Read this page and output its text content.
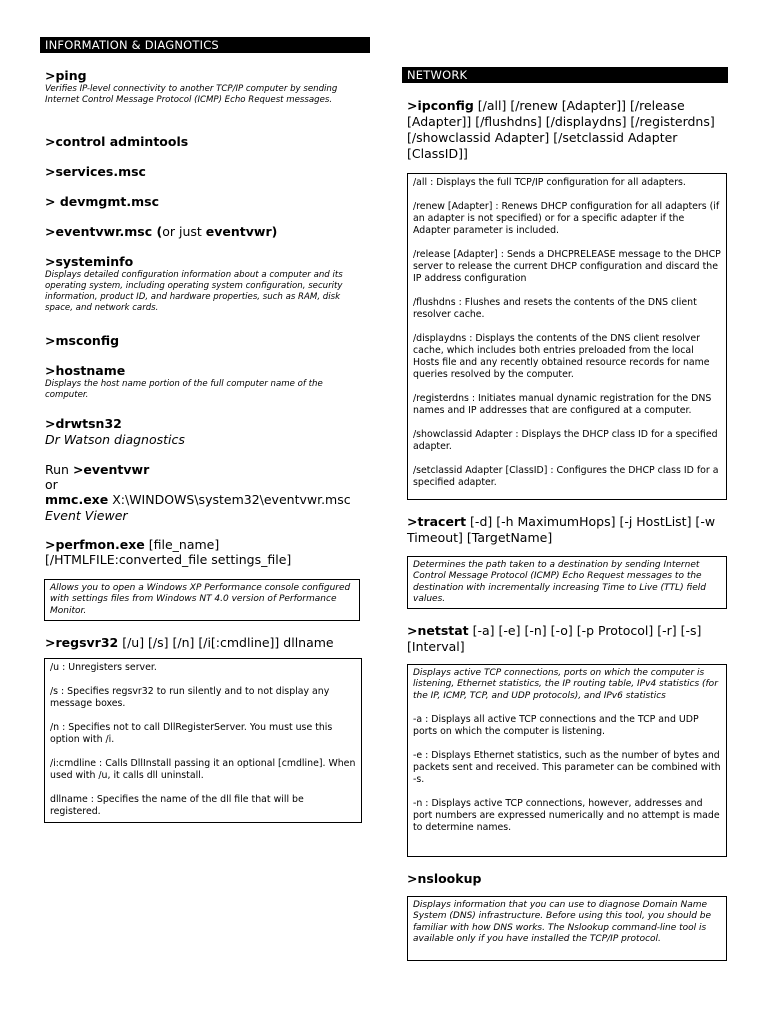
INFORMATION & DIAGNOTICS
>ping
Verifies IP-level connectivity to another TCP/IP computer by sending Internet Control Message Protocol (ICMP) Echo Request messages.
>control admintools
>services.msc
> devmgmt.msc
>eventvwr.msc (or just eventvwr)
>systeminfo
Displays detailed configuration information about a computer and its operating system, including operating system configuration, security information, product ID, and hardware properties, such as RAM, disk space, and network cards.
>msconfig
>hostname
Displays the host name portion of the full computer name of the computer.
>drwtsn32
Dr Watson diagnostics
Run >eventvwr
or
mmc.exe X:\WINDOWS\system32\eventvwr.msc
Event Viewer
>perfmon.exe [file_name]
[/HTMLFILE:converted_file settings_file]
Allows you to open a Windows XP Performance console configured with settings files from Windows NT 4.0 version of Performance Monitor.
>regsvr32 [/u] [/s] [/n] [/i[:cmdline]] dllname

/u : Unregisters server.

/s : Specifies regsvr32 to run silently and to not display any message boxes.

/n : Specifies not to call DllRegisterServer. You must use this option with /i.

/i:cmdline : Calls DllInstall passing it an optional [cmdline]. When used with /u, it calls dll uninstall.

dllname : Specifies the name of the dll file that will be registered.

NETWORK
>ipconfig [/all] [/renew [Adapter]] [/release [Adapter]] [/flushdns] [/displaydns] [/registerdns] [/showclassid Adapter] [/setclassid Adapter [ClassID]]

/all : Displays the full TCP/IP configuration for all adapters.

/renew [Adapter] : Renews DHCP configuration for all adapters (if an adapter is not specified) or for a specific adapter if the Adapter parameter is included.

/release [Adapter] : Sends a DHCPRELEASE message to the DHCP server to release the current DHCP configuration and discard the IP address configuration

/flushdns : Flushes and resets the contents of the DNS client resolver cache.

/displaydns : Displays the contents of the DNS client resolver cache, which includes both entries preloaded from the local Hosts file and any recently obtained resource records for name queries resolved by the computer.

/registerdns : Initiates manual dynamic registration for the DNS names and IP addresses that are configured at a computer.

/showclassid Adapter : Displays the DHCP class ID for a specified adapter.

/setclassid Adapter [ClassID] : Configures the DHCP class ID for a specified adapter.

>tracert [-d] [-h MaximumHops] [-j HostList] [-w Timeout] [TargetName]
Determines the path taken to a destination by sending Internet Control Message Protocol (ICMP) Echo Request messages to the destination with incrementally increasing Time to Live (TTL) field values.
>netstat [-a] [-e] [-n] [-o] [-p Protocol] [-r] [-s] [Interval]

Displays active TCP connections, ports on which the computer is listening, Ethernet statistics, the IP routing table, IPv4 statistics (for the IP, ICMP, TCP, and UDP protocols), and IPv6 statistics

-a : Displays all active TCP connections and the TCP and UDP ports on which the computer is listening.

-e : Displays Ethernet statistics, such as the number of bytes and packets sent and received. This parameter can be combined with -s.

-n : Displays active TCP connections, however, addresses and port numbers are expressed numerically and no attempt is made to determine names.

>nslookup
Displays information that you can use to diagnose Domain Name System (DNS) infrastructure. Before using this tool, you should be familiar with how DNS works. The Nslookup command-line tool is available only if you have installed the TCP/IP protocol.
